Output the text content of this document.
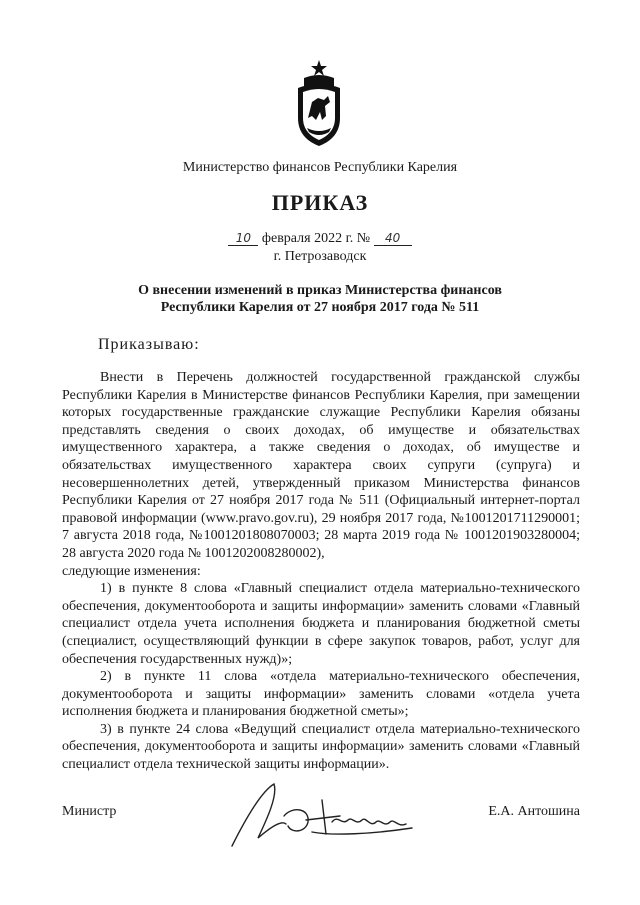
Министерство финансов Республики Карелия
ПРИКАЗ
10 февраля 2022 г. № 40
г. Петрозаводск
О внесении изменений в приказ Министерства финансов Республики Карелия от 27 ноября 2017 года № 511
Приказываю:

Внести в Перечень должностей государственной гражданской службы Республики Карелия в Министерстве финансов Республики Карелия, при замещении которых государственные гражданские служащие Республики Карелия обязаны представлять сведения о своих доходах, об имуществе и обязательствах имущественного характера, а также сведения о доходах, об имуществе и обязательствах имущественного характера своих супруги (супруга) и несовершеннолетних детей, утвержденный приказом Министерства финансов Республики Карелия от 27 ноября 2017 года № 511 (Официальный интернет-портал правовой информации (www.pravo.gov.ru), 29 ноября 2017 года, №1001201711290001; 7 августа 2018 года, №1001201808070003; 28 марта 2019 года № 1001201903280004; 28 августа 2020 года № 1001202008280002),

следующие изменения:

1) в пункте 8 слова «Главный специалист отдела материально-технического обеспечения, документооборота и защиты информации» заменить словами «Главный специалист отдела учета исполнения бюджета и планирования бюджетной сметы (специалист, осуществляющий функции в сфере закупок товаров, работ, услуг для обеспечения государственных нужд)»;

2) в пункте 11 слова «отдела материально-технического обеспечения, документооборота и защиты информации» заменить словами «отдела учета исполнения бюджета и планирования бюджетной сметы»;

3) в пункте 24 слова «Ведущий специалист отдела материально-технического обеспечения, документооборота и защиты информации» заменить словами «Главный специалист отдела технической защиты информации».

Министр	Е.А. Антошина
